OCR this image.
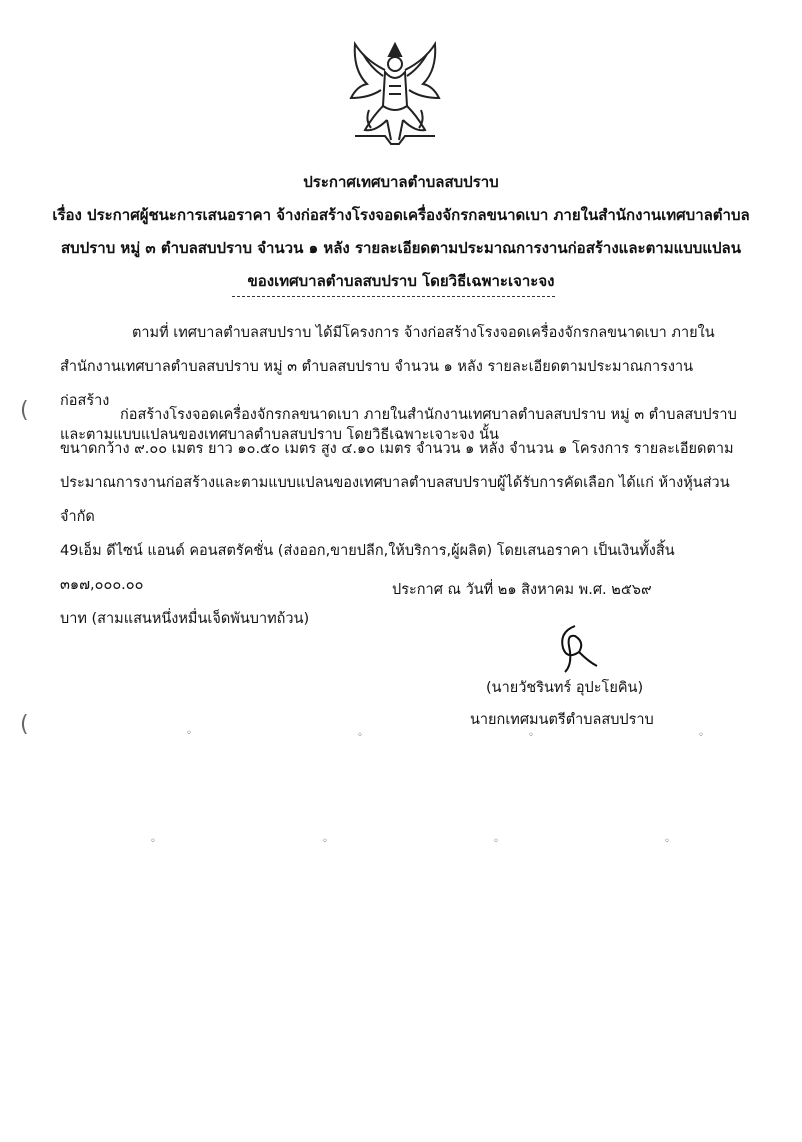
ประกาศเทศบาลตำบลสบปราบ
เรื่อง ประกาศผู้ชนะการเสนอราคา จ้างก่อสร้างโรงจอดเครื่องจักรกลขนาดเบา ภายในสำนักงานเทศบาลตำบล
สบปราบ หมู่ ๓ ตำบลสบปราบ จำนวน ๑ หลัง รายละเอียดตามประมาณการงานก่อสร้างและตามแบบแปลน
ของเทศบาลตำบลสบปราบ โดยวิธีเฉพาะเจาะจง
ตามที่ เทศบาลตำบลสบปราบ ได้มีโครงการ จ้างก่อสร้างโรงจอดเครื่องจักรกลขนาดเบา ภายใน
สำนักงานเทศบาลตำบลสบปราบ หมู่ ๓ ตำบลสบปราบ จำนวน ๑ หลัง รายละเอียดตามประมาณการงานก่อสร้าง
และตามแบบแปลนของเทศบาลตำบลสบปราบ โดยวิธีเฉพาะเจาะจง นั้น
ก่อสร้างโรงจอดเครื่องจักรกลขนาดเบา ภายในสำนักงานเทศบาลตำบลสบปราบ หมู่ ๓ ตำบลสบปราบ
ขนาดกว้าง ๙.๐๐ เมตร ยาว ๑๐.๕๐ เมตร สูง ๔.๑๐ เมตร จำนวน ๑ หลัง จำนวน ๑ โครงการ รายละเอียดตาม
ประมาณการงานก่อสร้างและตามแบบแปลนของเทศบาลตำบลสบปราบผู้ได้รับการคัดเลือก ได้แก่ ห้างหุ้นส่วนจำกัด
49เอ็ม ดีไซน์ แอนด์ คอนสตรัคชั่น (ส่งออก,ขายปลีก,ให้บริการ,ผู้ผลิต) โดยเสนอราคา เป็นเงินทั้งสิ้น ๓๑๗,๐๐๐.๐๐
บาท (สามแสนหนึ่งหมื่นเจ็ดพันบาทถ้วน)
ประกาศ ณ วันที่ ๒๑ สิงหาคม พ.ศ. ๒๕๖๙
(นายวัชรินทร์ อุปะโยคิน)
นายกเทศมนตรีตำบลสบปราบ
(
(	◦	◦	◦	◦
◦	◦	◦	◦
